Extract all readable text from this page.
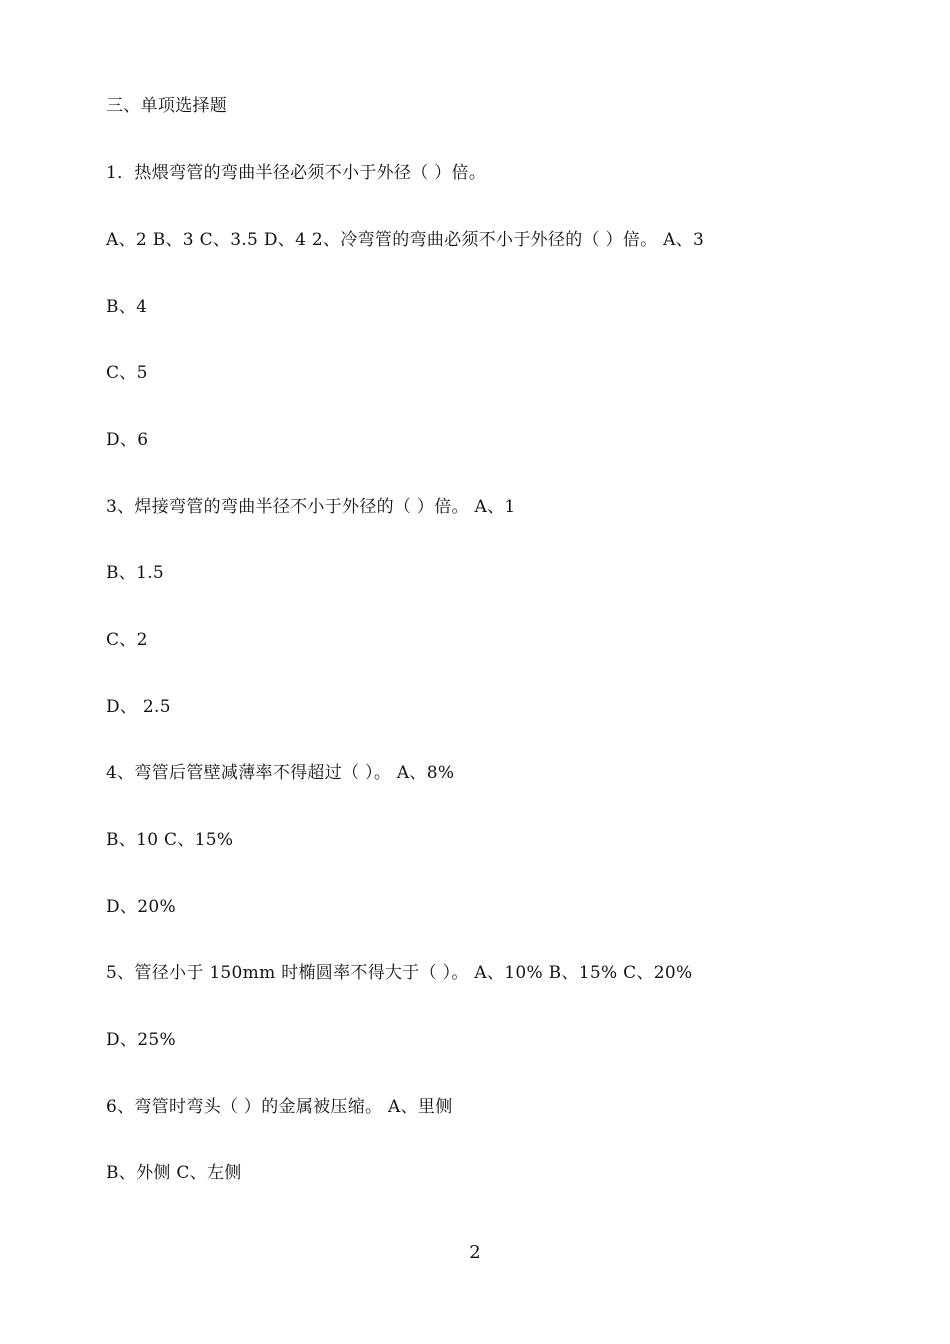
三、单项选择题
1．热煨弯管的弯曲半径必须不小于外径（ ）倍。
A、2 B、3 C、3.5 D、4 2、冷弯管的弯曲必须不小于外径的（ ）倍。 A、3
B、4
C、5
D、6
3、焊接弯管的弯曲半径不小于外径的（ ）倍。 A、1
B、1.5
C、2
D、 2.5
4、弯管后管壁减薄率不得超过（ ）。 A、8%
B、10 C、15%
D、20%
5、管径小于 150mm 时椭圆率不得大于（ ）。 A、10% B、15% C、20%
D、25%
6、弯管时弯头（ ）的金属被压缩。 A、里侧
B、外侧 C、左侧
2
